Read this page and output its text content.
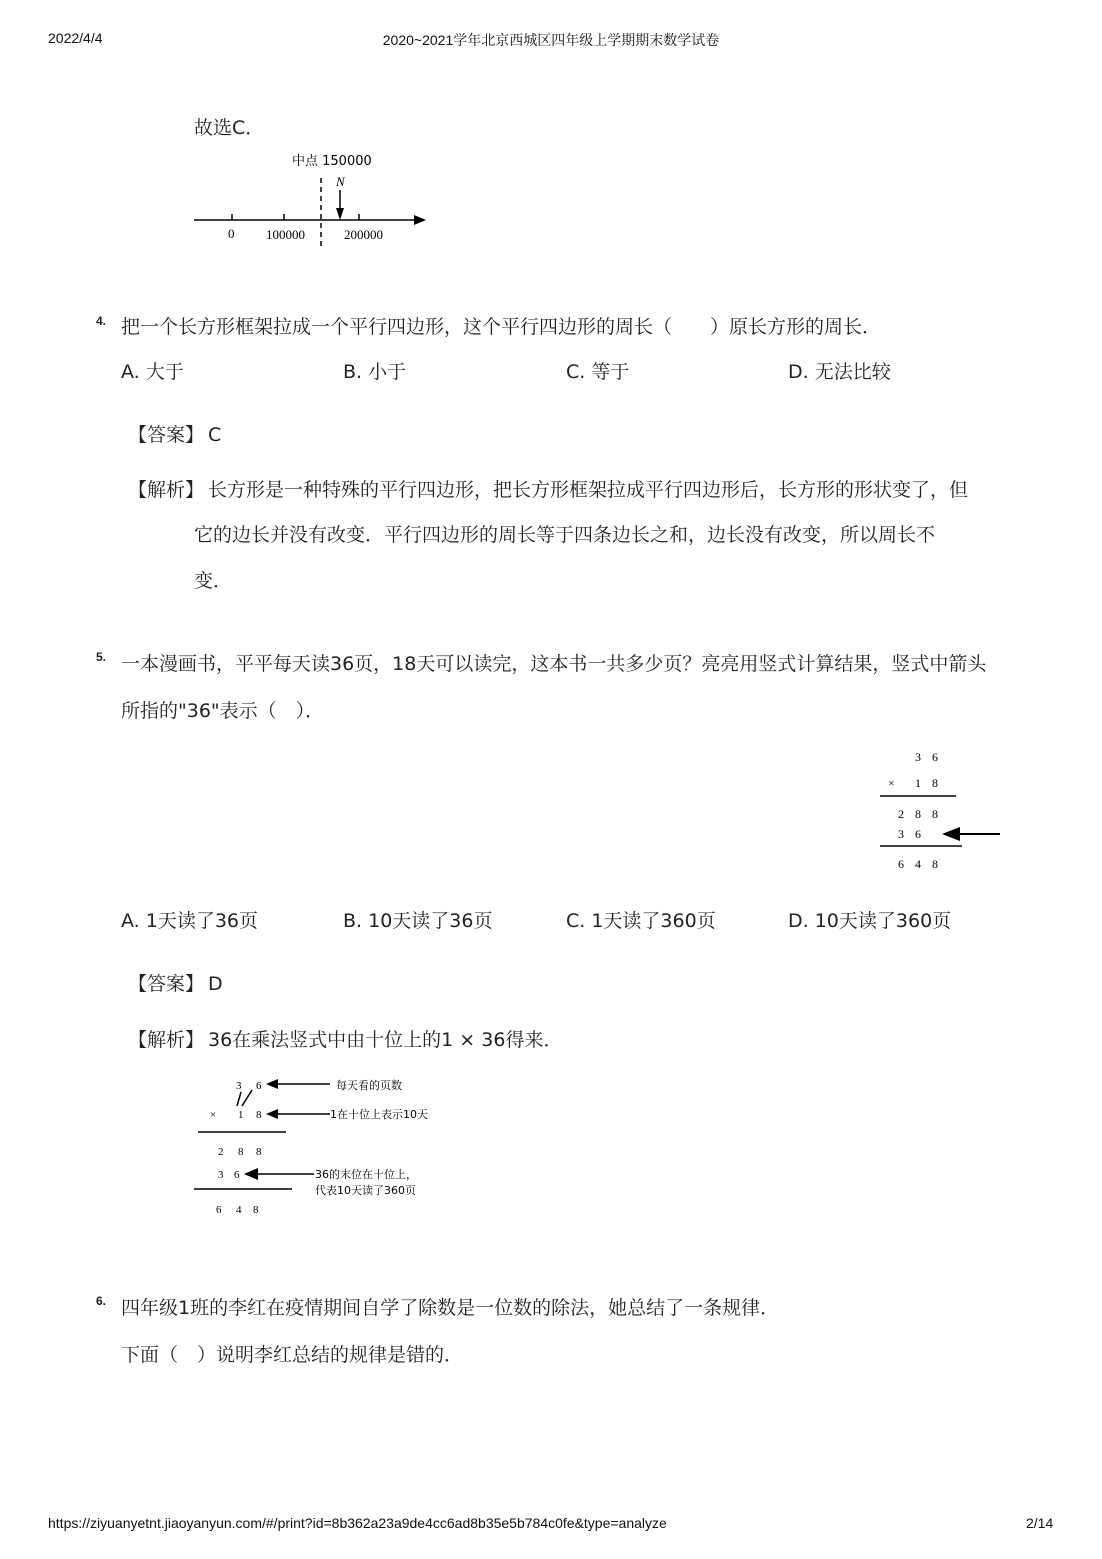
2022/4/4	2020~2021学年北京西城区四年级上学期期末数学试卷
故选C．
中点 150000
N
0 100000	200000
4. 把一个长方形框架拉成一个平行四边形，这个平行四边形的周长（　　）原长方形的周长．
A. 大于	B. 小于	C. 等于	D. 无法比较
【答案】 C
【解析】 长方形是一种特殊的平行四边形，把长方形框架拉成平行四边形后，长方形的形状变了，但
它的边长并没有改变．平行四边形的周长等于四条边长之和，边长没有改变，所以周长不
变．
5. 一本漫画书，平平每天读36页，18天可以读完，这本书一共多少页？亮亮用竖式计算结果，竖式中箭头
所指的"36"表示（　）．
3 6
× 1 8
2 8 8
3 6
6 4 8
A. 1天读了36页	B. 10天读了36页	C. 1天读了360页	D. 10天读了360页
【答案】 D
【解析】 36在乘法竖式中由十位上的1 × 36得来．
3 6	每天看的页数
× 1 8	1在十位上表示10天
2 8 8
3 6	36的末位在十位上，
代表10天读了360页
6 4 8
6. 四年级1班的李红在疫情期间自学了除数是一位数的除法，她总结了一条规律．
下面（　）说明李红总结的规律是错的．
https://ziyuanyetnt.jiaoyanyun.com/#/print?id=8b362a23a9de4cc6ad8b35e5b784c0fe&type=analyze	2/14
